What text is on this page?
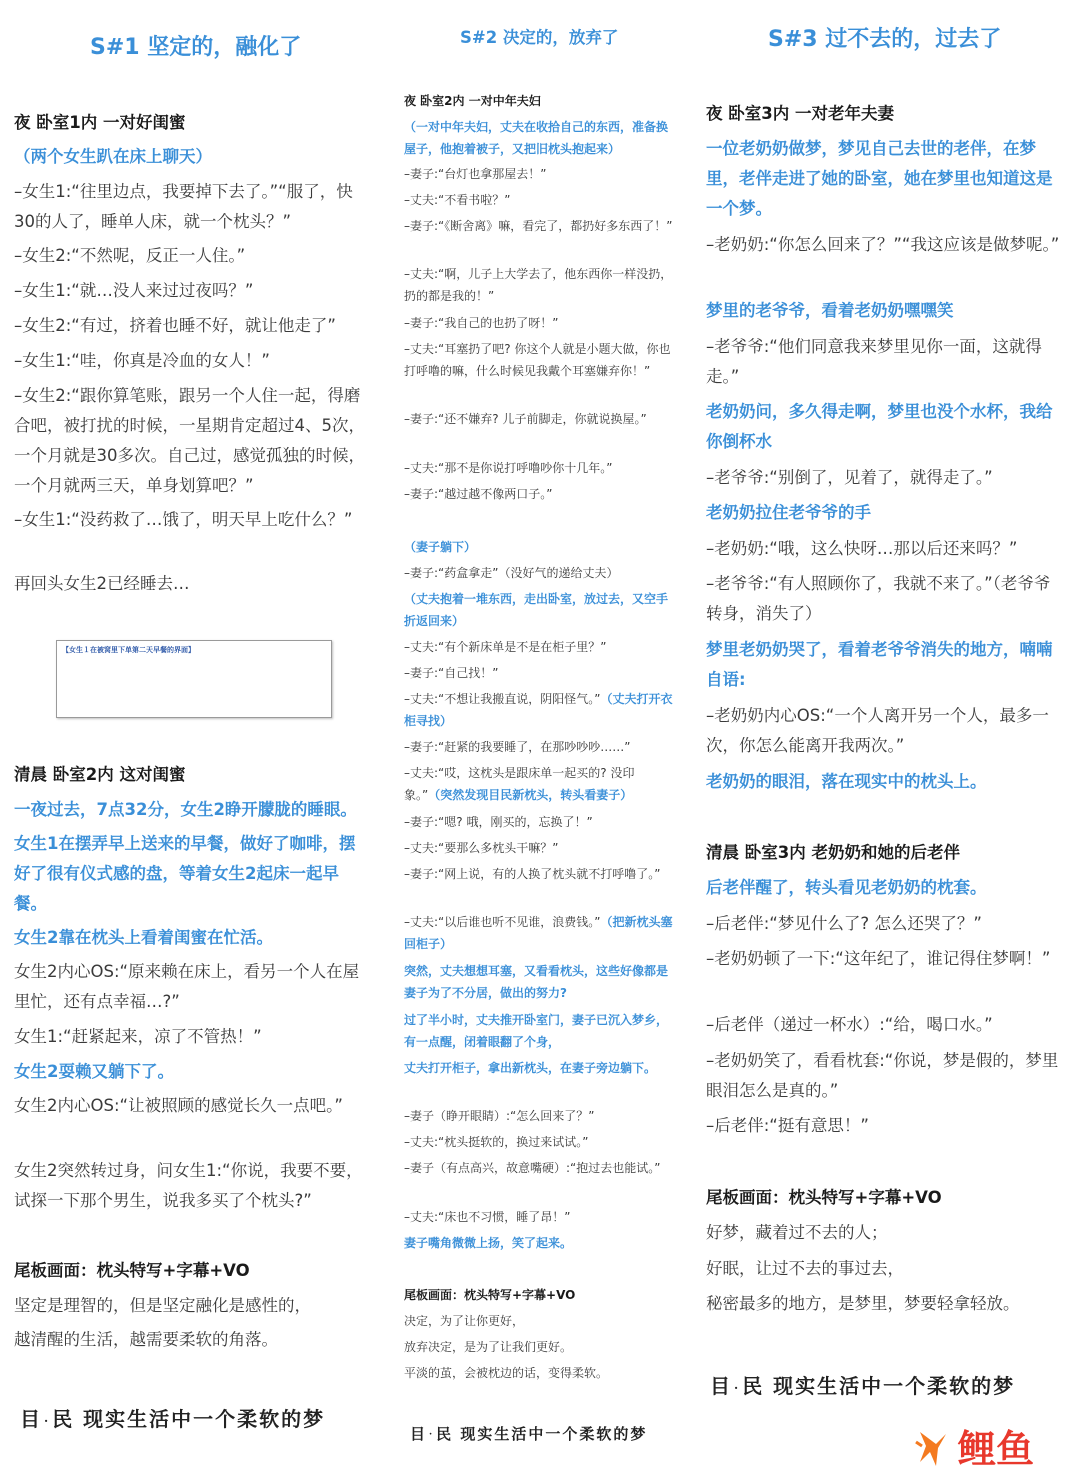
S#1 坚定的，融化了

夜 卧室1内 一对好闺蜜

（两个女生趴在床上聊天）

–女生1:“往里边点，我要掉下去了。”“服了，快30的人了，睡单人床，就一个枕头？”

–女生2:“不然呢，反正一人住。”

–女生1:“就…没人来过过夜吗？”

–女生2:“有过，挤着也睡不好，就让他走了”

–女生1:“哇，你真是冷血的女人！”

–女生2:“跟你算笔账，跟另一个人住一起，得磨合吧，被打扰的时候，一星期肯定超过4、5次，一个月就是30多次。自己过，感觉孤独的时候，一个月就两三天，单身划算吧？”

–女生1:“没药救了…饿了，明天早上吃什么？”

再回头女生2已经睡去…

【女生１在被窝里下单第二天早餐的界面】

清晨 卧室2内 这对闺蜜

一夜过去，7点32分，女生2睁开朦胧的睡眼。

女生1在摆弄早上送来的早餐，做好了咖啡，摆好了很有仪式感的盘，等着女生2起床一起早餐。

女生2靠在枕头上看着闺蜜在忙活。

女生2内心OS:“原来赖在床上，看另一个人在屋里忙，还有点幸福…?”

女生1:“赶紧起来，凉了不管热！”

女生2耍赖又躺下了。

女生2内心OS:“让被照顾的感觉长久一点吧。”

女生2突然转过身，问女生1:“你说，我要不要，试探一下那个男生，说我多买了个枕头?”

尾板画面：枕头特写+字幕+VO

坚定是理智的，但是坚定融化是感性的，

越清醒的生活，越需要柔软的角落。

目 · 民 现实生活中一个柔软的梦
S#2 决定的，放弃了

夜 卧室2内 一对中年夫妇

（一对中年夫妇，丈夫在收拾自己的东西，准备换屋子，他抱着被子，又把旧枕头抱起来）

–妻子:“台灯也拿那屋去！”

–丈夫:“不看书啦？”

–妻子:“《断舍离》嘛，看完了，都扔好多东西了！”

–丈夫:“啊，儿子上大学去了，他东西你一样没扔，扔的都是我的！”

–妻子:“我自己的也扔了呀！”

–丈夫:“耳塞扔了吧? 你这个人就是小题大做，你也打呼噜的嘛，什么时候见我戴个耳塞嫌弃你！”

–妻子:“还不嫌弃? 儿子前脚走，你就说换屋。”

–丈夫:“那不是你说打呼噜吵你十几年。”

–妻子:“越过越不像两口子。”

（妻子躺下）

–妻子:“药盒拿走”（没好气的递给丈夫）

（丈夫抱着一堆东西，走出卧室，放过去，又空手折返回来）

–丈夫:“有个新床单是不是在柜子里？”

–妻子:“自己找！”

–丈夫:“不想让我搬直说，阴阳怪气。”（丈夫打开衣柜寻找）

–妻子:“赶紧的我要睡了，在那吵吵吵……”

–丈夫:“哎，这枕头是跟床单一起买的? 没印象。”（突然发现目民新枕头，转头看妻子）

–妻子:“嗯? 哦，刚买的，忘换了！”

–丈夫:“要那么多枕头干嘛？”

–妻子:“网上说，有的人换了枕头就不打呼噜了。”

–丈夫:“以后谁也听不见谁，浪费钱。”（把新枕头塞回柜子）

突然，丈夫想想耳塞，又看看枕头，这些好像都是妻子为了不分居，做出的努力?

过了半小时，丈夫推开卧室门，妻子已沉入梦乡，有一点醒，闭着眼翻了个身，

丈夫打开柜子，拿出新枕头，在妻子旁边躺下。

–妻子（睁开眼睛）:“怎么回来了？”

–丈夫:“枕头挺软的，换过来试试。”

–妻子（有点高兴，故意嘴硬）:“抱过去也能试。”

–丈夫:“床也不习惯，睡了昂！”

妻子嘴角微微上扬，笑了起来。

尾板画面：枕头特写+字幕+VO

决定，为了让你更好，

放弃决定，是为了让我们更好。

平淡的茧，会被枕边的话，变得柔软。

目 · 民 现实生活中一个柔软的梦
S#3 过不去的，过去了

夜 卧室3内 一对老年夫妻

一位老奶奶做梦，梦见自己去世的老伴，在梦里，老伴走进了她的卧室，她在梦里也知道这是一个梦。

–老奶奶:“你怎么回来了？”“我这应该是做梦呢。”

梦里的老爷爷，看着老奶奶嘿嘿笑

–老爷爷:“他们同意我来梦里见你一面，这就得走。”

老奶奶问，多久得走啊，梦里也没个水杯，我给你倒杯水

–老爷爷:“别倒了，见着了，就得走了。”

老奶奶拉住老爷爷的手

–老奶奶:“哦，这么快呀…那以后还来吗？”

–老爷爷:“有人照顾你了，我就不来了。”（老爷爷转身，消失了）

梦里老奶奶哭了，看着老爷爷消失的地方，喃喃自语:

–老奶奶内心OS:“一个人离开另一个人，最多一次，你怎么能离开我两次。”

老奶奶的眼泪，落在现实中的枕头上。

清晨 卧室3内 老奶奶和她的后老伴

后老伴醒了，转头看见老奶奶的枕套。

–后老伴:“梦见什么了? 怎么还哭了？”

–老奶奶顿了一下:“这年纪了，谁记得住梦啊！”

–后老伴（递过一杯水）:“给，喝口水。”

–老奶奶笑了，看看枕套:“你说，梦是假的，梦里眼泪怎么是真的。”

–后老伴:“挺有意思！”

尾板画面：枕头特写+字幕+VO

好梦，藏着过不去的人；

好眠，让过不去的事过去，

秘密最多的地方，是梦里，梦要轻拿轻放。

目 · 民 现实生活中一个柔软的梦
鲤鱼
